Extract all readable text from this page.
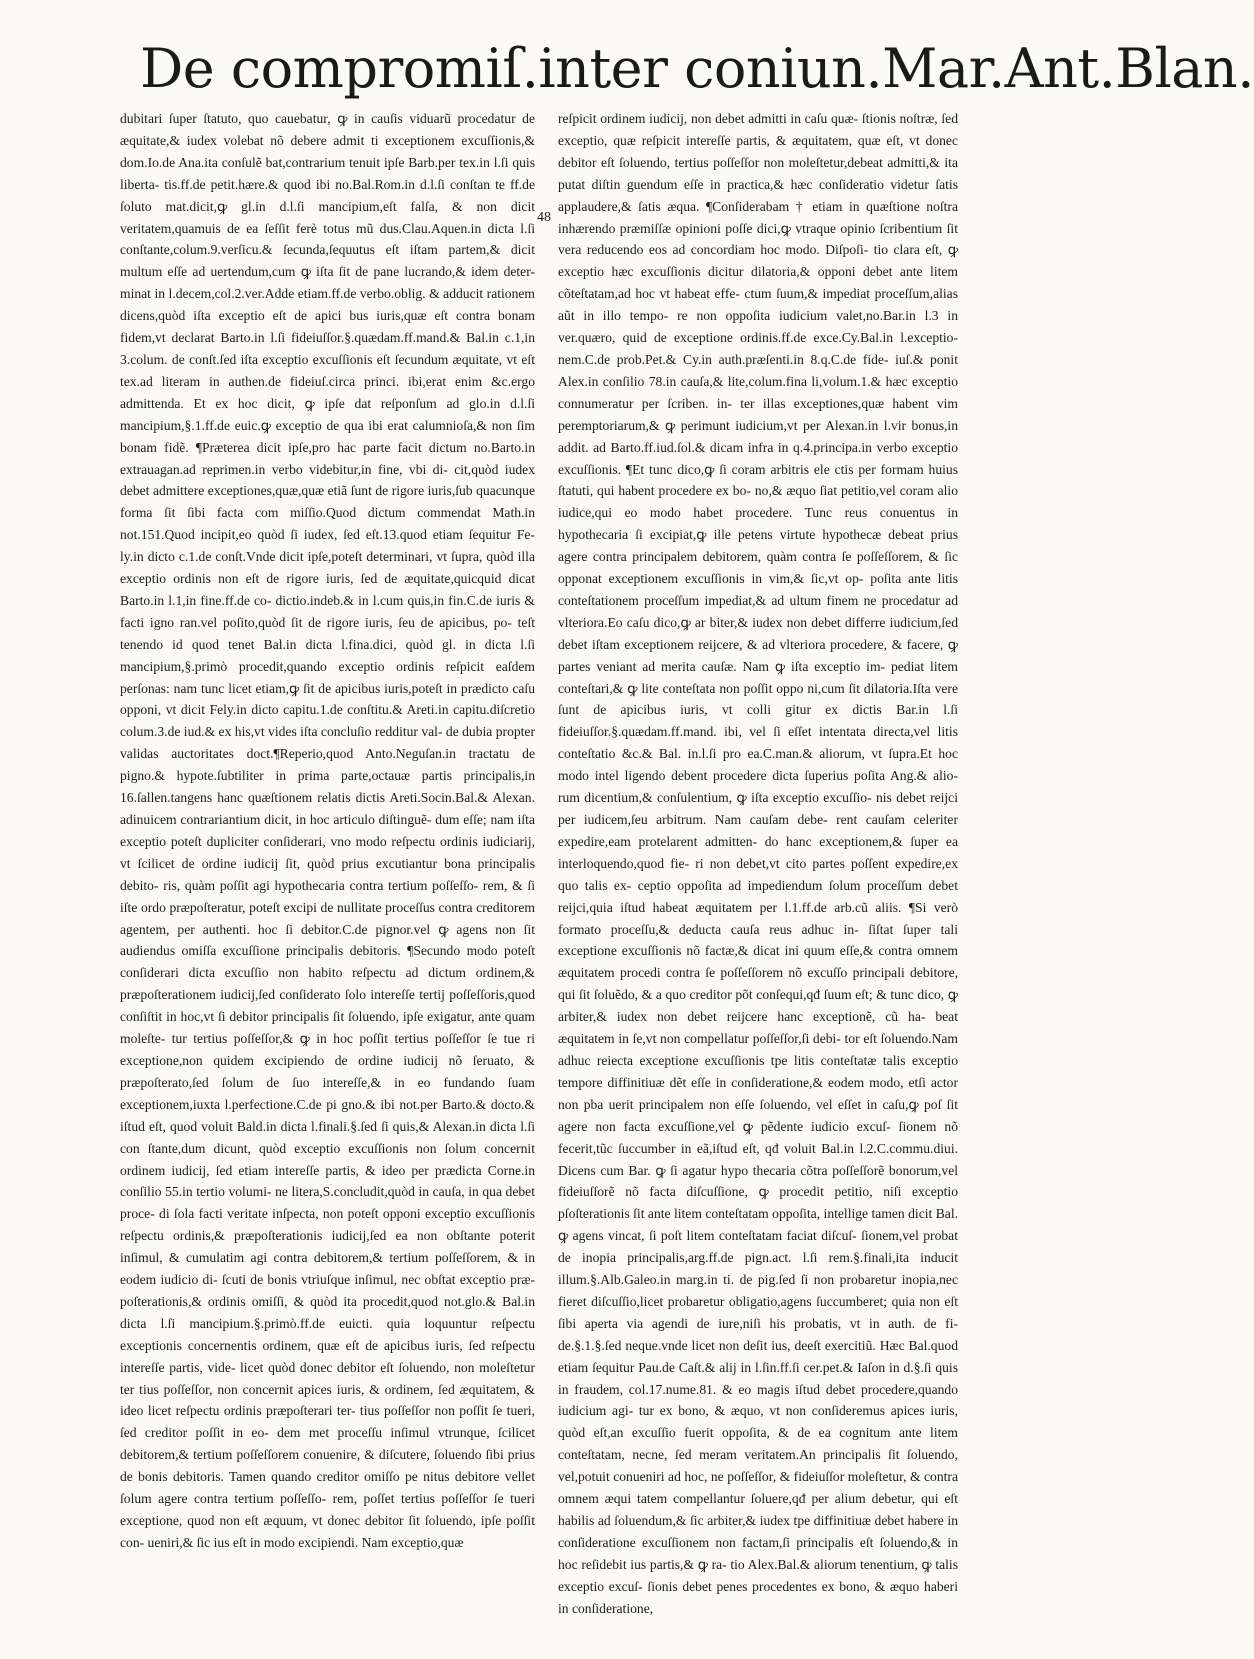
De compromiſ.inter coniun.Mar.Ant.Blan.
48

dubitari ſuper ſtatuto, quo cauebatur, ꝙ in cauſis viduarũ procedatur de æquitate,& iudex volebat nõ debere admit ti exceptionem excuſſionis,& dom.Io.de Ana.ita conſulẽ bat,contrarium tenuit ipſe Barb.per tex.in l.ſi quis liberta- tis.ff.de petit.hære.& quod ibi no.Bal.Rom.in d.l.ſi conſtan te ff.de ſoluto mat.dicit,ꝙ gl.in d.l.ſi mancipium,eſt falſa, & non dicit veritatem,quamuis de ea ſeſſit ferè totus mũ dus.Clau.Aquen.in dicta l.ſi conſtante,colum.9.verſicu.& ſecunda,ſequutus eſt iſtam partem,& dicit multum eſſe ad uertendum,cum ꝙ iſta ſit de pane lucrando,& idem deter- minat in l.decem,col.2.ver.Adde etiam.ff.de verbo.oblig. & adducit rationem dicens,quòd iſta exceptio eſt de apici bus iuris,quæ eſt contra bonam fidem,vt declarat Barto.in l.ſi fideiuſſor.§.quædam.ff.mand.& Bal.in c.1,in 3.colum. de conſt.ſed iſta exceptio excuſſionis eſt ſecundum æquitate, vt eſt tex.ad literam in authen.de fideiuſ.circa princi. ibi,erat enim &c.ergo admittenda. Et ex hoc dicit, ꝙ ipſe dat reſponſum ad glo.in d.l.ſi mancipium,§.1.ff.de euic.ꝙ exceptio de qua ibi erat calumnioſa,& non ſim bonam fidẽ. ¶Præterea dicit ipſe,pro hac parte facit dictum no.Barto.in extrauagan.ad reprimen.in verbo videbitur,in fine, vbi di- cit,quòd iudex debet admittere exceptiones,quæ,quæ etiã ſunt de rigore iuris,ſub quacunque forma ſit ſibi facta com miſſio.Quod dictum commendat Math.in not.151.Quod incipit,eo quòd ſi iudex, ſed eſt.13.quod etiam ſequitur Fe- ly.in dicto c.1.de conſt.Vnde dicit ipſe,poteſt determinari, vt ſupra, quòd illa exceptio ordinis non eſt de rigore iuris, ſed de æquitate,quicquid dicat Barto.in l.1,in fine.ff.de co- dictio.indeb.& in l.cum quis,in fin.C.de iuris & facti igno ran.vel poſito,quòd ſit de rigore iuris, ſeu de apicibus, po- teſt tenendo id quod tenet Bal.in dicta l.fina.dici, quòd gl. in dicta l.ſi mancipium,§.primò procedit,quando exceptio ordinis reſpicit eaſdem perſonas: nam tunc licet etiam,ꝙ ſit de apicibus iuris,poteſt in prædicto caſu opponi, vt dicit Fely.in dicto capitu.1.de conſtitu.& Areti.in capitu.diſcretio colum.3.de iud.& ex his,vt vides iſta concluſio redditur val- de dubia propter validas auctoritates doct.¶Reperio,quod Anto.Neguſan.in tractatu de pigno.& hypote.ſubtiliter in prima parte,octauæ partis principalis,in 16.ſallen.tangens hanc quæſtionem relatis dictis Areti.Socin.Bal.& Alexan. adinuicem contrariantium dicit, in hoc articulo diſtinguẽ- dum eſſe; nam iſta exceptio poteſt dupliciter conſiderari, vno modo reſpectu ordinis iudiciarij, vt ſcilicet de ordine iudicij ſit, quòd prius excutiantur bona principalis debito- ris, quàm poſſit agi hypothecaria contra tertium poſſeſſo- rem, & ſi iſte ordo præpoſteratur, poteſt excipi de nullitate proceſſus contra creditorem agentem, per authenti. hoc ſi debitor.C.de pignor.vel ꝙ agens non ſit audiendus omiſſa excuſſione principalis debitoris. ¶Secundo modo poteſt conſiderari dicta excuſſio non habito reſpectu ad dictum ordinem,& præpoſterationem iudicij,ſed conſiderato ſolo intereſſe tertij poſſeſſoris,quod conſiſtit in hoc,vt ſi debitor principalis ſit ſoluendo, ipſe exigatur, ante quam moleſte- tur tertius poſſeſſor,& ꝙ in hoc poſſit tertius poſſeſſor ſe tue ri exceptione,non quidem excipiendo de ordine iudicij nõ ſeruato, & præpoſterato,ſed ſolum de ſuo intereſſe,& in eo fundando ſuam exceptionem,iuxta l.perfectione.C.de pi gno.& ibi not.per Barto.& docto.& iſtud eſt, quod voluit Bald.in dicta l.finali.§.ſed ſi quis,& Alexan.in dicta l.ſi con ſtante,dum dicunt, quòd exceptio excuſſionis non ſolum concernit ordinem iudicij, ſed etiam intereſſe partis, & ideo per prædicta Corne.in conſilio 55.in tertio volumi- ne litera,S.concludit,quòd in cauſa, in qua debet proce- di ſola facti veritate inſpecta, non poteſt opponi exceptio excuſſionis reſpectu ordinis,& præpoſterationis iudicij,ſed ea non obſtante poterit inſimul, & cumulatim agi contra debitorem,& tertium poſſeſſorem, & in eodem iudicio di- ſcuti de bonis vtriuſque inſimul, nec obſtat exceptio præ- poſterationis,& ordinis omiſſi, & quòd ita procedit,quod not.glo.& Bal.in dicta l.ſi mancipium.§.primò.ff.de euicti. quia loquuntur reſpectu exceptionis concernentis ordinem, quæ eſt de apicibus iuris, ſed reſpectu intereſſe partis, vide- licet quòd donec debitor eſt ſoluendo, non moleſtetur ter tius poſſeſſor, non concernit apices iuris, & ordinem, ſed æquitatem, & ideo licet reſpectu ordinis præpoſterari ter- tius poſſeſſor non poſſit ſe tueri, ſed creditor poſſit in eo- dem met proceſſu inſimul vtrunque, ſcilicet debitorem,& tertium poſſeſſorem conuenire, & diſcutere, ſoluendo ſibi prius de bonis debitoris. Tamen quando creditor omiſſo pe nitus debitore vellet ſolum agere contra tertium poſſeſſo- rem, poſſet tertius poſſeſſor ſe tueri exceptione, quod non eſt æquum, vt donec debitor ſit ſoluendo, ipſe poſſit con- ueniri,& ſic ius eſt in modo excipiendi. Nam exceptio,quæ

reſpicit ordinem iudicij, non debet admitti in caſu quæ- ſtionis noſtræ, ſed exceptio, quæ reſpicit intereſſe partis, & æquitatem, quæ eſt, vt donec debitor eſt ſoluendo, tertius poſſeſſor non moleſtetur,debeat admitti,& ita putat diſtin guendum eſſe in practica,& hæc conſideratio videtur ſatis applaudere,& ſatis æqua. ¶Conſiderabam † etiam in quæſtione noſtra inhærendo præmiſſæ opinioni poſſe dici,ꝙ vtraque opinio ſcribentium ſit vera reducendo eos ad concordiam hoc modo. Diſpoſi- tio clara eſt, ꝙ exceptio hæc excuſſionis dicitur dilatoria,& opponi debet ante litem cõteſtatam,ad hoc vt habeat effe- ctum ſuum,& impediat proceſſum,alias aũt in illo tempo- re non oppoſita iudicium valet,no.Bar.in l.3 in ver.quæro, quid de exceptione ordinis.ff.de exce.Cy.Bal.in l.exceptio- nem.C.de prob.Pet.& Cy.in auth.præſenti.in 8.q.C.de fide- iuſ.& ponit Alex.in conſilio 78.in cauſa,& lite,colum.fina li,volum.1.& hæc exceptio connumeratur per ſcriben. in- ter illas exceptiones,quæ habent vim peremptoriarum,& ꝙ perimunt iudicium,vt per Alexan.in l.vir bonus,in addit. ad Barto.ff.iud.ſol.& dicam infra in q.4.principa.in verbo exceptio excuſſionis. ¶Et tunc dico,ꝙ ſi coram arbitris ele ctis per formam huius ſtatuti, qui habent procedere ex bo- no,& æquo ſiat petitio,vel coram alio iudice,qui eo modo habet procedere. Tunc reus conuentus in hypothecaria ſi excipiat,ꝙ ille petens virtute hypothecæ debeat prius agere contra principalem debitorem, quàm contra ſe poſſeſſorem, & ſic opponat exceptionem excuſſionis in vim,& ſic,vt op- poſita ante litis conteſtationem proceſſum impediat,& ad ultum finem ne procedatur ad vlteriora.Eo caſu dico,ꝙ ar biter,& iudex non debet differre iudicium,ſed debet iſtam exceptionem reijcere, & ad vlteriora procedere, & facere, ꝙ partes veniant ad merita cauſæ. Nam ꝙ iſta exceptio im- pediat litem conteſtari,& ꝙ lite conteſtata non poſſit oppo ni,cum ſit dilatoria.Iſta vere ſunt de apicibus iuris, vt colli gitur ex dictis Bar.in l.ſi fideiuſſor.§.quædam.ff.mand. ibi, vel ſi eſſet intentata directa,vel litis conteſtatio &c.& Bal. in.l.ſi pro ea.C.man.& aliorum, vt ſupra.Et hoc modo intel ligendo debent procedere dicta ſuperius poſita Ang.& alio- rum dicentium,& conſulentium, ꝙ iſta exceptio excuſſio- nis debet reijci per iudicem,ſeu arbitrum. Nam cauſam debe- rent cauſam celeriter expedire,eam protelarent admitten- do hanc exceptionem,& ſuper ea interloquendo,quod fie- ri non debet,vt cito partes poſſent expedire,ex quo talis ex- ceptio oppoſita ad impediendum ſolum proceſſum debet reijci,quia iſtud habeat æquitatem per l.1.ff.de arb.cũ aliis. ¶Si verò formato proceſſu,& deducta cauſa reus adhuc in- ſiſtat ſuper tali exceptione excuſſionis nõ factæ,& dicat ini quum eſſe,& contra omnem æquitatem procedi contra ſe poſſeſſorem nõ excuſſo principali debitore, qui ſit ſoluẽdo, & a quo creditor põt conſequi,qđ ſuum eſt; & tunc dico, ꝙ arbiter,& iudex non debet reijcere hanc exceptionẽ, cũ ha- beat æquitatem in ſe,vt non compellatur poſſeſſor,ſi debi- tor eſt ſoluendo.Nam adhuc reiecta exceptione excuſſionis tpe litis conteſtatæ talis exceptio tempore diffinitiuæ dẽt eſſe in conſideratione,& eodem modo, etſi actor non pba uerit principalem non eſſe ſoluendo, vel eſſet in caſu,ꝙ poſ ſit agere non facta excuſſione,vel ꝙ pẽdente iudicio excuſ- ſionem nõ fecerit,tũc ſuccumber in eã,iſtud eſt, qđ voluit Bal.in l.2.C.commu.diui. Dicens cum Bar. ꝙ ſi agatur hypo thecaria cõtra poſſeſſorẽ bonorum,vel fideiuſſorẽ nõ facta diſcuſſione, ꝙ procedit petitio, niſi exceptio pſoſterationis ſit ante litem conteſtatam oppoſita, intellige tamen dicit Bal. ꝙ agens vincat, ſi poſt litem conteſtatam faciat diſcuſ- ſionem,vel probat de inopia principalis,arg.ff.de pign.act. l.ſi rem.§.finali,ita inducit illum.§.Alb.Galeo.in marg.in ti. de pig.ſed ſi non probaretur inopia,nec fieret diſcuſſio,licet probaretur obligatio,agens ſuccumberet; quia non eſt ſibi aperta via agendi de iure,niſi his probatis, vt in auth. de fi- de.§.1.§.ſed neque.vnde licet non deſit ius, deeſt exercitiũ. Hæc Bal.quod etiam ſequitur Pau.de Caſt.& alij in l.ſin.ff.ſi cer.pet.& Iaſon in d.§.ſi quis in fraudem, col.17.nume.81. & eo magis iſtud debet procedere,quando iudicium agi- tur ex bono, & æquo, vt non conſideremus apices iuris, quòd eſt,an excuſſio fuerit oppoſita, & de ea cognitum ante litem conteſtatam, necne, ſed meram veritatem.An principalis ſit ſoluendo, vel,potuit conueniri ad hoc, ne poſſeſſor, & fideiuſſor moleſtetur, & contra omnem æqui tatem compellantur ſoluere,qđ per alium debetur, qui eſt habilis ad ſoluendum,& ſic arbiter,& iudex tpe diffinitiuæ debet habere in conſideratione excuſſionem non factam,ſi principalis eſt ſoluendo,& in hoc reſidebit ius partis,& ꝙ ra- tio Alex.Bal.& aliorum tenentium, ꝙ talis exceptio excuſ- ſionis debet penes procedentes ex bono, & æquo haberi in conſideratione,
